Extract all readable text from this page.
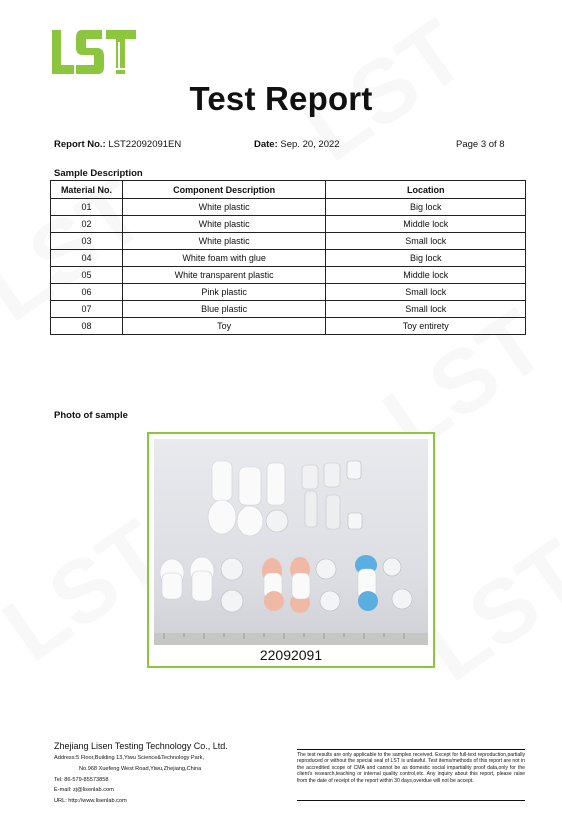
Test Report
Report No.: LST22092091EN	Date: Sep. 20, 2022	Page 3 of 8
Sample Description
Material No.	Component Description	Location
01	White plastic	Big lock
02	White plastic	Middle lock
03	White plastic	Small lock
04	White foam with glue	Big lock
05	White transparent plastic	Middle lock
06	Pink plastic	Small lock
07	Blue plastic	Small lock
08	Toy	Toy entirety
Photo of sample
22092091
Zhejiang Lisen Testing Technology Co., Ltd.
Address:5 Floor,Building 13,Yiwu Science&Technology Park,
No.968 Xuefeng West Road,Yiwu,Zhejiang,China
Tel: 86-579-85573858
E-mail: zj@lisenlab.com
URL: http://www.lisenlab.com
The test results are only applicable to the samples received. Except for full-text reproduction,partially reproduced or without the special seal of LST is unlawful. Test items/methods of this report are not in the accredited scope of CMA and cannot be as domestic social impartiality proof data,only for the client's research,teaching or internal quality control,etc. Any inquiry about this report, please raise from the date of receipt of the report within 30 days,overdue will not be accept.
